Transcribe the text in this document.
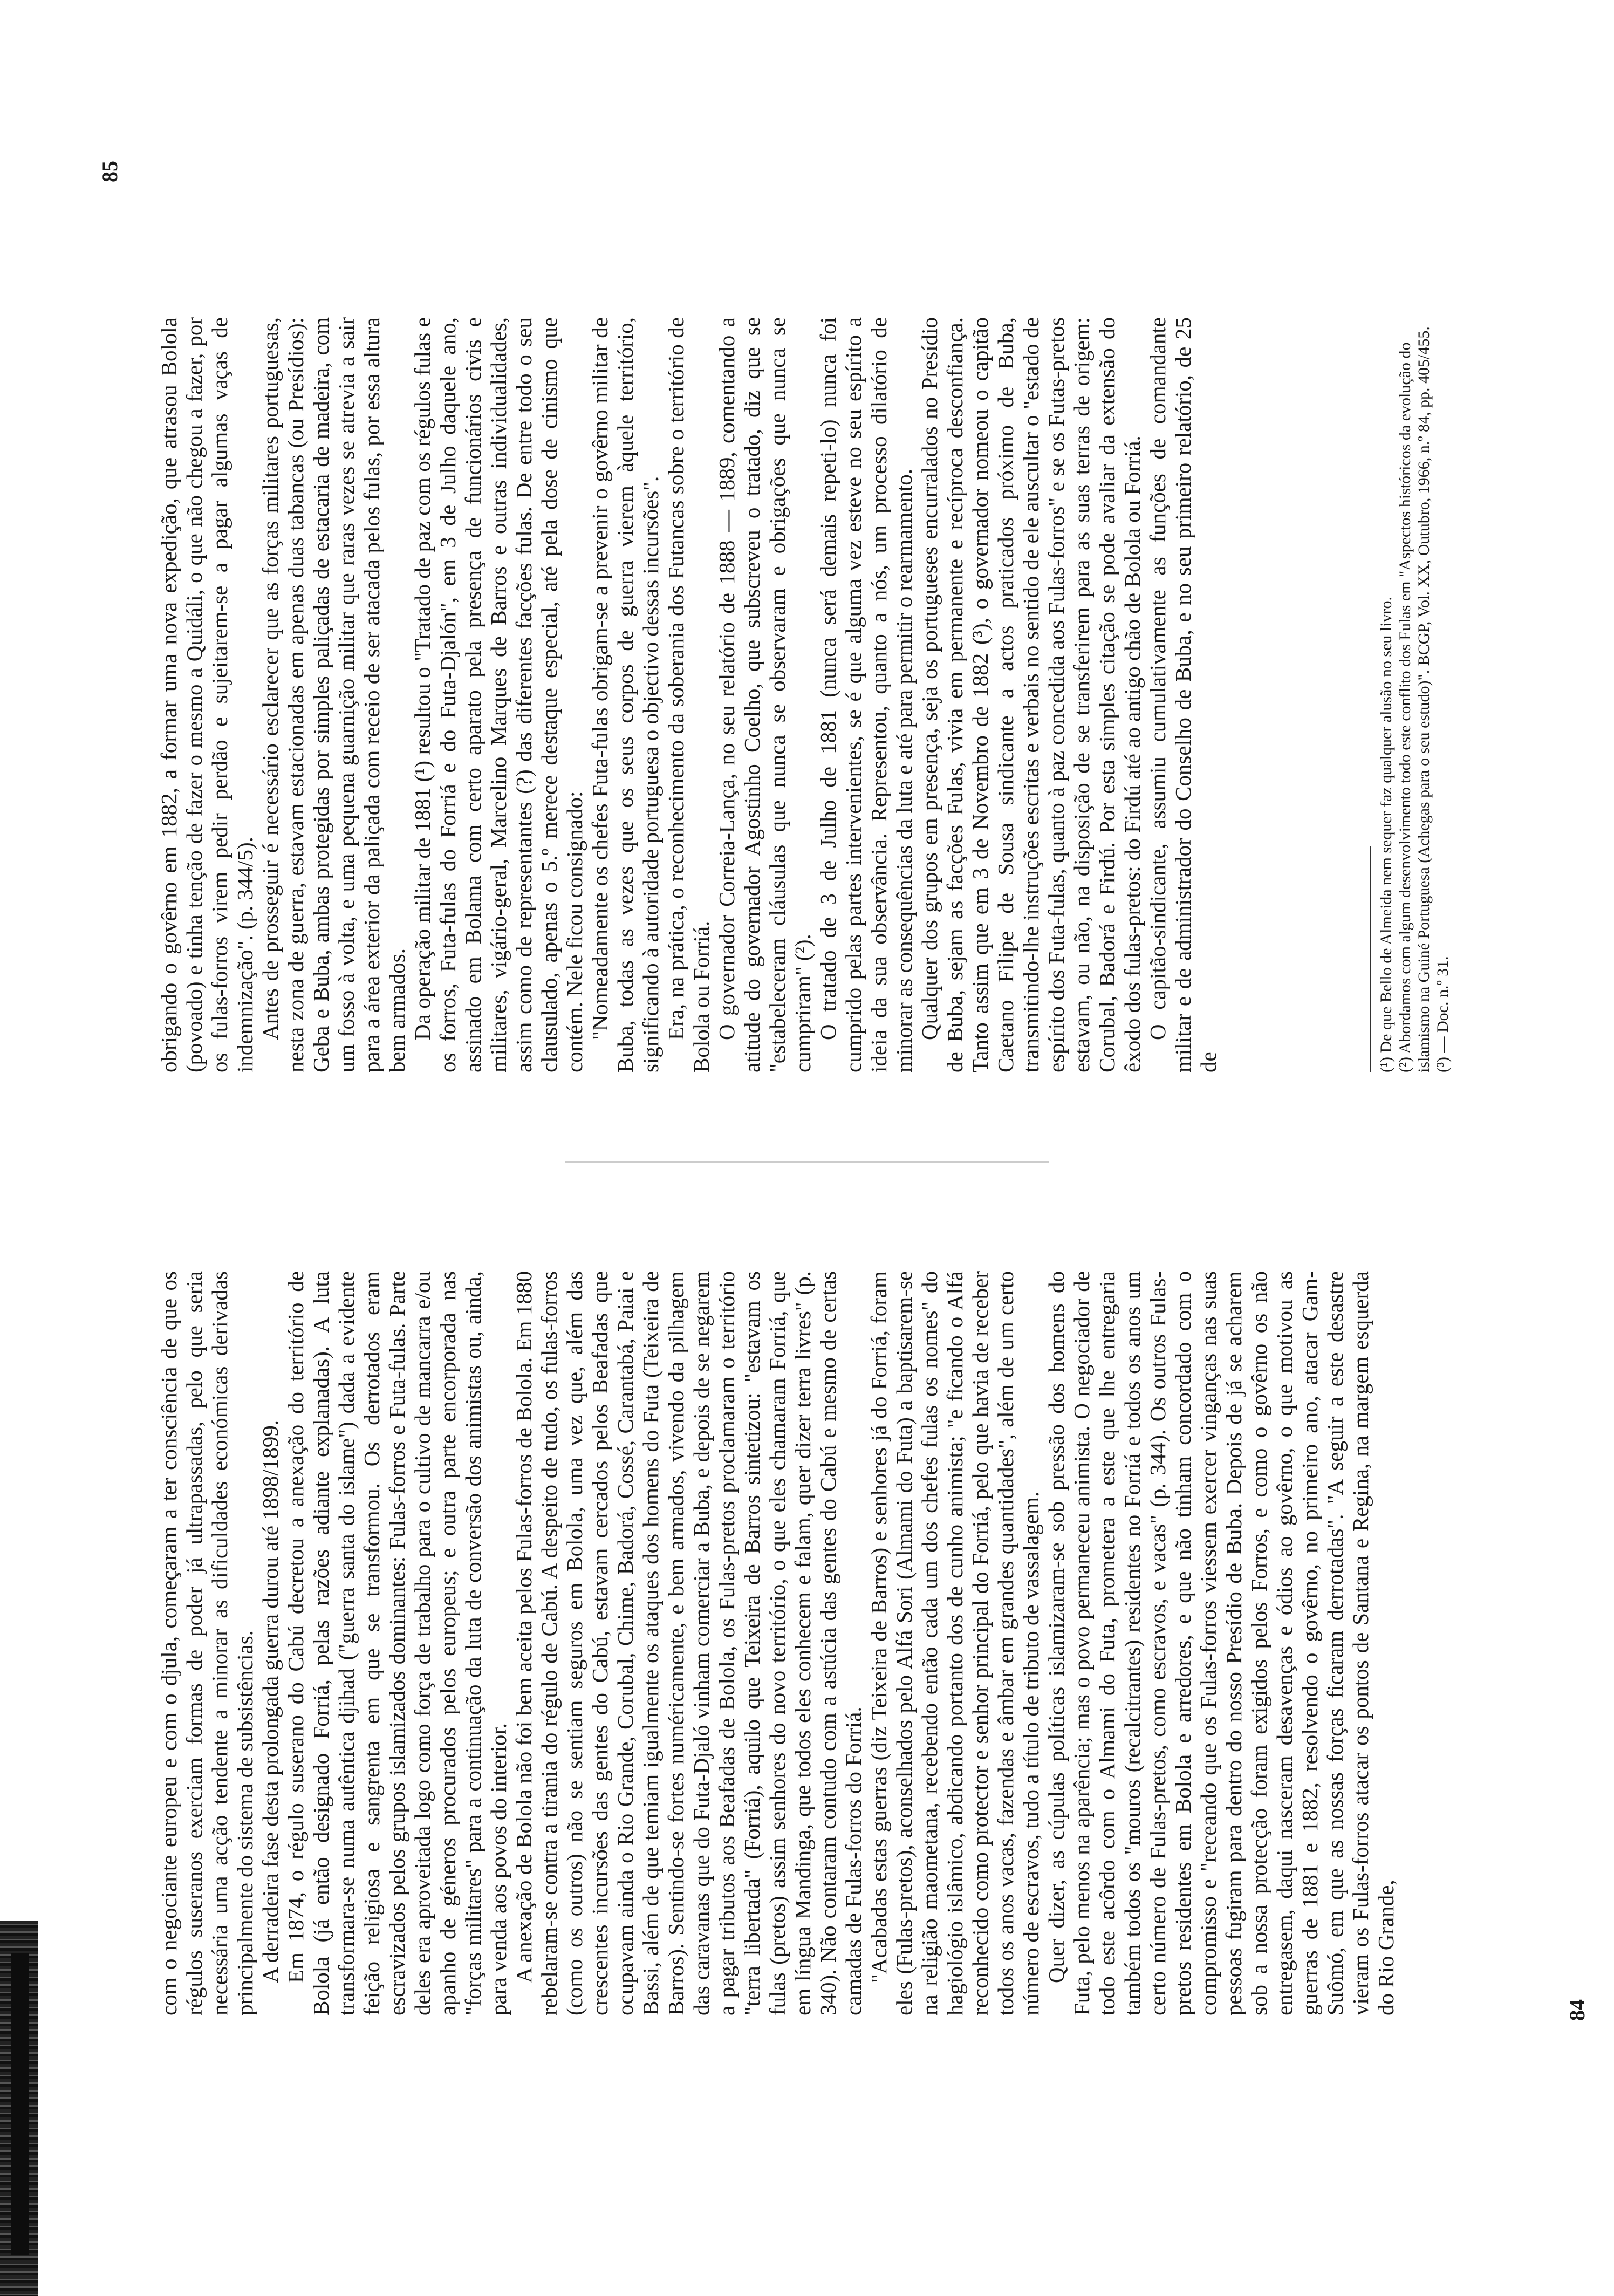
com o negociante europeu e com o djula, começaram a ter consciência de que os régulos suseranos exerciam formas de poder já ultrapassadas, pelo que seria necessária uma acção tendente a minorar as dificuldades económicas derivadas principalmente do sistema de subsistências. A derradeira fase desta prolongada guerra durou até 1898/1899. Em 1874, o régulo suserano do Cabú decretou a anexação do território de Bolola (já então designado Forriá, pelas razões adiante explanadas). A luta transformara-se numa autêntica djihad ("guerra santa do islame") dada a evidente feição religiosa e sangrenta em que se transformou. Os derrotados eram escravizados pelos grupos islamizados dominantes: Fulas-forros e Futa-fulas. Parte deles era aproveitada logo como força de trabalho para o cultivo de mancarra e/ou apanho de géneros procurados pelos europeus; e outra parte encorporada nas "forças militares" para a continuação da luta de conversão dos animistas ou, ainda, para venda aos povos do interior. A anexação de Bolola não foi bem aceita pelos Fulas-forros de Bolola. Em 1880 rebelaram-se contra a tirania do régulo de Cabú. A despeito de tudo, os fulas-forros (como os outros) não se sentiam seguros em Bolola, uma vez que, além das crescentes incursões das gentes do Cabú, estavam cercados pelos Beafadas que ocupavam ainda o Rio Grande, Corubal, Chime, Badorá, Cossé, Carantabá, Paiai e Bassi, além de que temiam igualmente os ataques dos homens do Futa (Teixeira de Barros). Sentindo-se fortes numéricamente, e bem armados, vivendo da pilhagem das caravanas que do Futa-Djaló vinham comerciar a Buba, e depois de se negarem a pagar tributos aos Beafadas de Bolola, os Fulas-pretos proclamaram o território "terra libertada" (Forriá), aquilo que Teixeira de Barros sintetizou: "estavam os fulas (pretos) assim senhores do novo território, o que eles chamaram Forriá, que em língua Mandinga, que todos eles conhecem e falam, quer dizer terra livres" (p. 340). Não contaram contudo com a astúcia das gentes do Cabú e mesmo de certas camadas de Fulas-forros do Forriá. "Acabadas estas guerras (diz Teixeira de Barros) e senhores já do Forriá, foram eles (Fulas-pretos), aconselhados pelo Alfá Sori (Almami do Futa) a baptisarem-se na religião maometana, recebendo então cada um dos chefes fulas os nomes" do hagiológio islâmico, abdicando portanto dos de cunho animista; "e ficando o Alfá reconhecido como protector e senhor principal do Forriá, pelo que havia de receber todos os anos vacas, fazendas e âmbar em grandes quantidades", além de um certo número de escravos, tudo a título de tributo de vassalagem. Quer dizer, as cúpulas políticas islamizaram-se sob pressão dos homens do Futa, pelo menos na aparência; mas o povo permaneceu animista. O negociador de todo este acôrdo com o Almami do Futa, prometera a este que lhe entregaria também todos os "mouros (recalcitrantes) residentes no Forriá e todos os anos um certo número de Fulas-pretos, como escravos, e vacas" (p. 344). Os outros Fulas-pretos residentes em Bolola e arredores, e que não tinham concordado com o compromisso e "receando que os Fulas-forros viessem exercer vinganças nas suas pessoas fugiram para dentro do nosso Presídio de Buba. Depois de já se acharem sob a nossa protecção foram exigidos pelos Forros, e como o govêrno os não entregasem, daqui nasceram desavenças e ódios ao govêrno, o que motivou as guerras de 1881 e 1882, resolvendo o govêrno, no primeiro ano, atacar Gam-Suômó, em que as nossas forças ficaram derrotadas". "A seguir a este desastre vieram os Fulas-forros atacar os pontos de Santana e Regina, na margem esquerda do Rio Grande,	84
85

obrigando o govêrno em 1882, a formar uma nova expedição, que atrasou Bolola (povoado) e tinha tenção de fazer o mesmo a Quidáli, o que não chegou a fazer, por os fulas-forros virem pedir perdão e sujeitarem-se a pagar algumas vaças de indemnização". (p. 344/5). Antes de prosseguir é necessário esclarecer que as forças militares portuguesas, nesta zona de guerra, estavam estacionadas em apenas duas tabancas (ou Presídios): Geba e Buba, ambas protegidas por simples paliçadas de estacaria de madeira, com um fosso à volta, e uma pequena guarnição militar que raras vezes se atrevia a sair para a área exterior da paliçada com receio de ser atacada pelos fulas, por essa altura bem armados. Da operação militar de 1881 (¹) resultou o "Tratado de paz com os régulos fulas e os forros, Futa-fulas do Forriá e do Futa-Djalón", em 3 de Julho daquele ano, assinado em Bolama com certo aparato pela presença de funcionários civis e militares, vigário-geral, Marcelino Marques de Barros e outras individualidades, assim como de representantes (?) das diferentes facções fulas. De entre todo o seu clausulado, apenas o 5.º merece destaque especial, até pela dose de cinismo que contém. Nele ficou consignado: "Nomeadamente os chefes Futa-fulas obrigam-se a prevenir o govêrno militar de Buba, todas as vezes que os seus corpos de guerra vierem àquele território, significando à autoridade portuguesa o objectivo dessas incursões". Era, na prática, o reconhecimento da soberania dos Futancas sobre o território de Bolola ou Forriá. O governador Correia-Lança, no seu relatório de 1888 — 1889, comentando a atitude do governador Agostinho Coelho, que subscreveu o tratado, diz que se "estabeleceram cláusulas que nunca se observaram e obrigações que nunca se cumpriram" (²). O tratado de 3 de Julho de 1881 (nunca será demais repeti-lo) nunca foi cumprido pelas partes intervenientes, se é que alguma vez esteve no seu espírito a ideia da sua observância. Representou, quanto a nós, um processo dilatório de minorar as consequências da luta e até para permitir o rearmamento. Qualquer dos grupos em presença, seja os portugueses encurralados no Presídio de Buba, sejam as facções Fulas, vivia em permanente e recíproca desconfiança. Tanto assim que em 3 de Novembro de 1882 (³), o governador nomeou o capitão Caetano Filipe de Sousa sindicante a actos praticados próximo de Buba, transmitindo-lhe instruções escritas e verbais no sentido de ele auscultar o "estado de espírito dos Futa-fulas, quanto à paz concedida aos Fulas-forros" e se os Futas-pretos estavam, ou não, na disposição de se transferirem para as suas terras de origem: Corubal, Badorá e Firdú. Por esta simples citação se pode avaliar da extensão do êxodo dos fulas-pretos: do Firdú até ao antigo chão de Bolola ou Forriá. O capitão-sindicante, assumiu cumulativamente as funções de comandante militar e de administrador do Conselho de Buba, e no seu primeiro relatório, de 25 de	(¹) De que Bello de Almeida nem sequer faz qualquer alusão no seu livro. (²) Abordamos com algum desenvolvimento todo este conflito dos Fulas em "Aspectos históricos da evolução do islamismo na Guiné Portuguesa (Achegas para o seu estudo)". BCGP, Vol. XX, Outubro, 1966, n.º 84, pp. 405/455. (³) — Doc. n.º 31.
